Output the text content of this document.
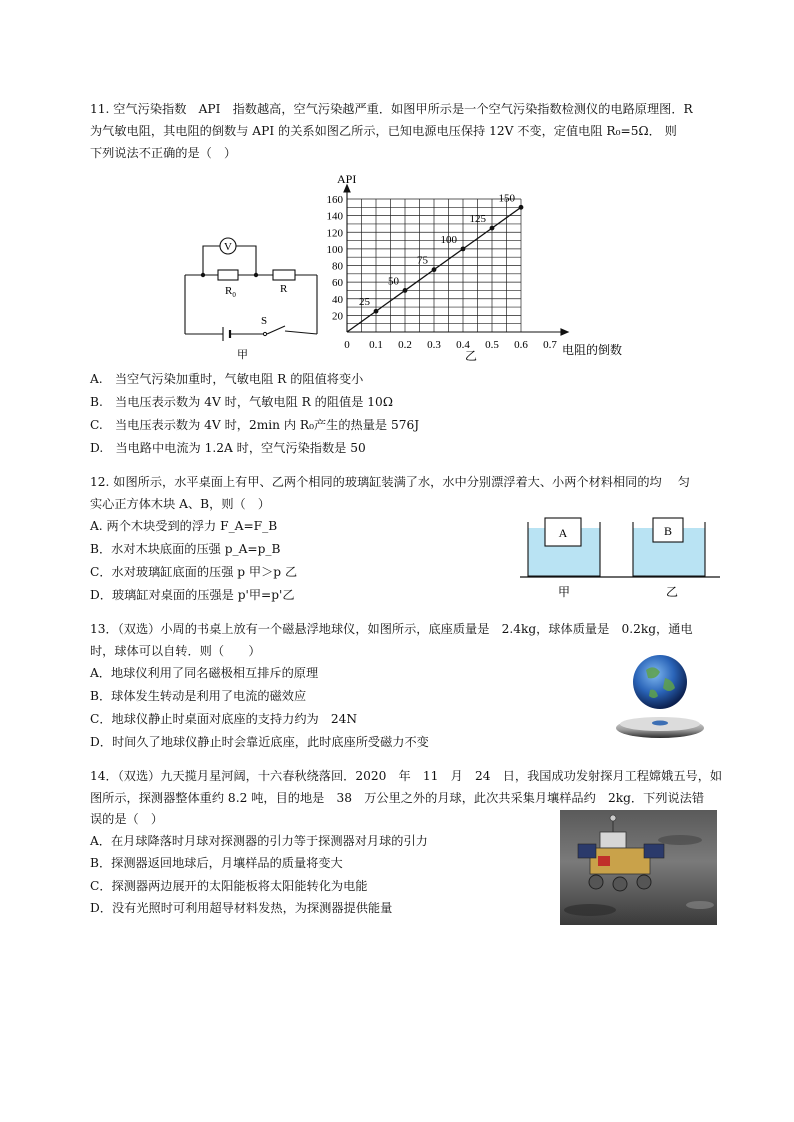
11. 空气污染指数　API　指数越高，空气污染越严重．如图甲所示是一个空气污染指数检测仪的电路原理图．R
为气敏电阻，其电阻的倒数与 API 的关系如图乙所示，已知电源电压保持 12V 不变，定值电阻 R₀=5Ω． 则
下列说法不正确的是（　）
V
$R_0$	R
S
甲
0 0.1 0.2 0.3 0.4 0.5 0.6 0.7
20
40
60
80
100
120
140
160
25
50
75
100
125
150
API
电阻的倒数
乙
A.　当空气污染加重时，气敏电阻 R 的阻值将变小
B.　当电压表示数为 4V 时，气敏电阻 R 的阻值是 10Ω
C.　当电压表示数为 4V 时，2min 内 R₀产生的热量是 576J
D.　当电路中电流为 1.2A 时，空气污染指数是 50
12. 如图所示，水平桌面上有甲、乙两个相同的玻璃缸装满了水，水中分别漂浮着大、小两个材料相同的均　 匀
实心正方体木块 A、B，则（　）
A. 两个木块受到的浮力 F_A=F_B
B．水对木块底面的压强 p_A=p_B
C．水对玻璃缸底面的压强 p 甲＞p 乙
D．玻璃缸对桌面的压强是 p'甲=p'乙
A	B
甲	乙
13．（双选）小周的书桌上放有一个磁悬浮地球仪，如图所示，底座质量是　2.4kg，球体质量是　0.2kg，通电
时，球体可以自转．则（　　）
A．地球仪利用了同名磁极相互排斥的原理
B．球体发生转动是利用了电流的磁效应
C．地球仪静止时桌面对底座的支持力约为　24N
D．时间久了地球仪静止时会靠近底座，此时底座所受磁力不变
14．（双选）九天揽月星河阔，十六春秋绕落回．2020　年　11　月　24　日，我国成功发射探月工程嫦娥五号，如
图所示，探测器整体重约 8.2 吨，目的地是　38　万公里之外的月球，此次共采集月壤样品约　2kg．下列说法错
误的是（　）
A．在月球降落时月球对探测器的引力等于探测器对月球的引力
B．探测器返回地球后，月壤样品的质量将变大
C．探测器两边展开的太阳能板将太阳能转化为电能
D．没有光照时可利用超导材料发热，为探测器提供能量
